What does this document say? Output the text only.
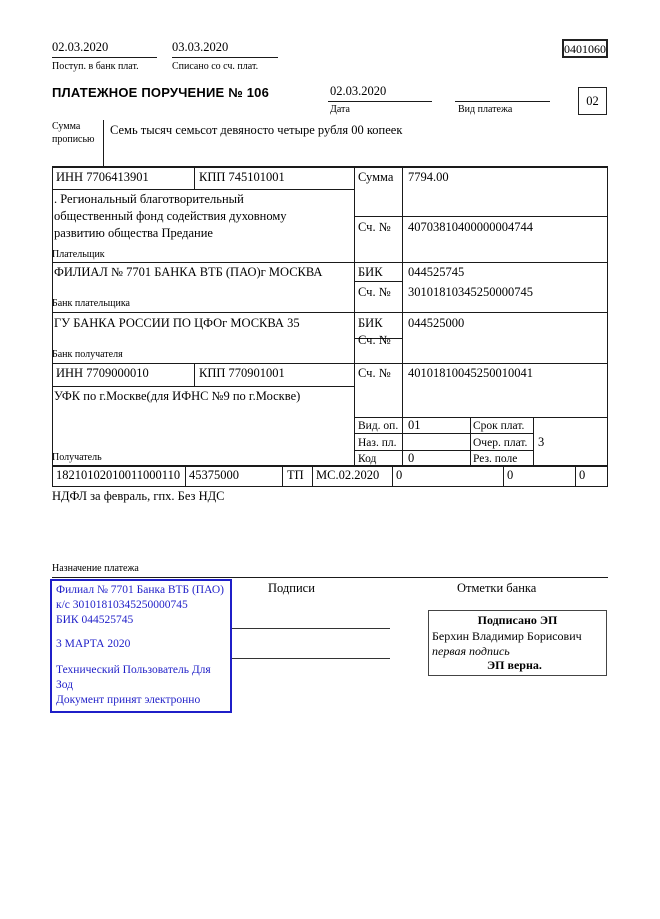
02.03.2020
Поступ. в банк плат.
03.03.2020
Списано со сч. плат.
0401060
ПЛАТЕЖНОЕ ПОРУЧЕНИЕ № 106	02.03.2020
Дата	Вид платежа
02
Сумма
прописью
Семь тысяч семьсот девяносто четыре рубля 00 копеек
ИНН 7706413901	КПП 745101001	Сумма 7794.00
. Региональный благотворительный
общественный фонд содействия духовному
развитию общества Предание	Сч. № 40703810400000004744
Плательщик
ФИЛИАЛ № 7701 БАНКА ВТБ (ПАО)г МОСКВА	БИК 044525745
Сч. № 30101810345250000745
Банк плательщика
ГУ БАНКА РОССИИ ПО ЦФОг МОСКВА 35	БИК 044525000
Сч. №
Банк получателя
ИНН 7709000010	КПП 770901001	Сч. № 40101810045250010041
УФК по г.Москве(для ИФНС №9 по г.Москве)
Вид. оп. 01	Срок плат.
Наз. пл.	Очер. плат. 3
Код	0	Рез. поле
Получатель
18210102010011000110 45375000	ТП МС.02.2020 0	0	0
НДФЛ за февраль, гпх. Без НДС
Назначение платежа
Подписи	Отметки банка
Филиал № 7701 Банка ВТБ (ПАО)
к/с 30101810345250000745
БИК 044525745
3 МАРТА 2020
Технический Пользователь Для
Зод
Документ принят электронно
Подписано ЭП
Берхин Владимир Борисович
первая подпись
ЭП верна.
